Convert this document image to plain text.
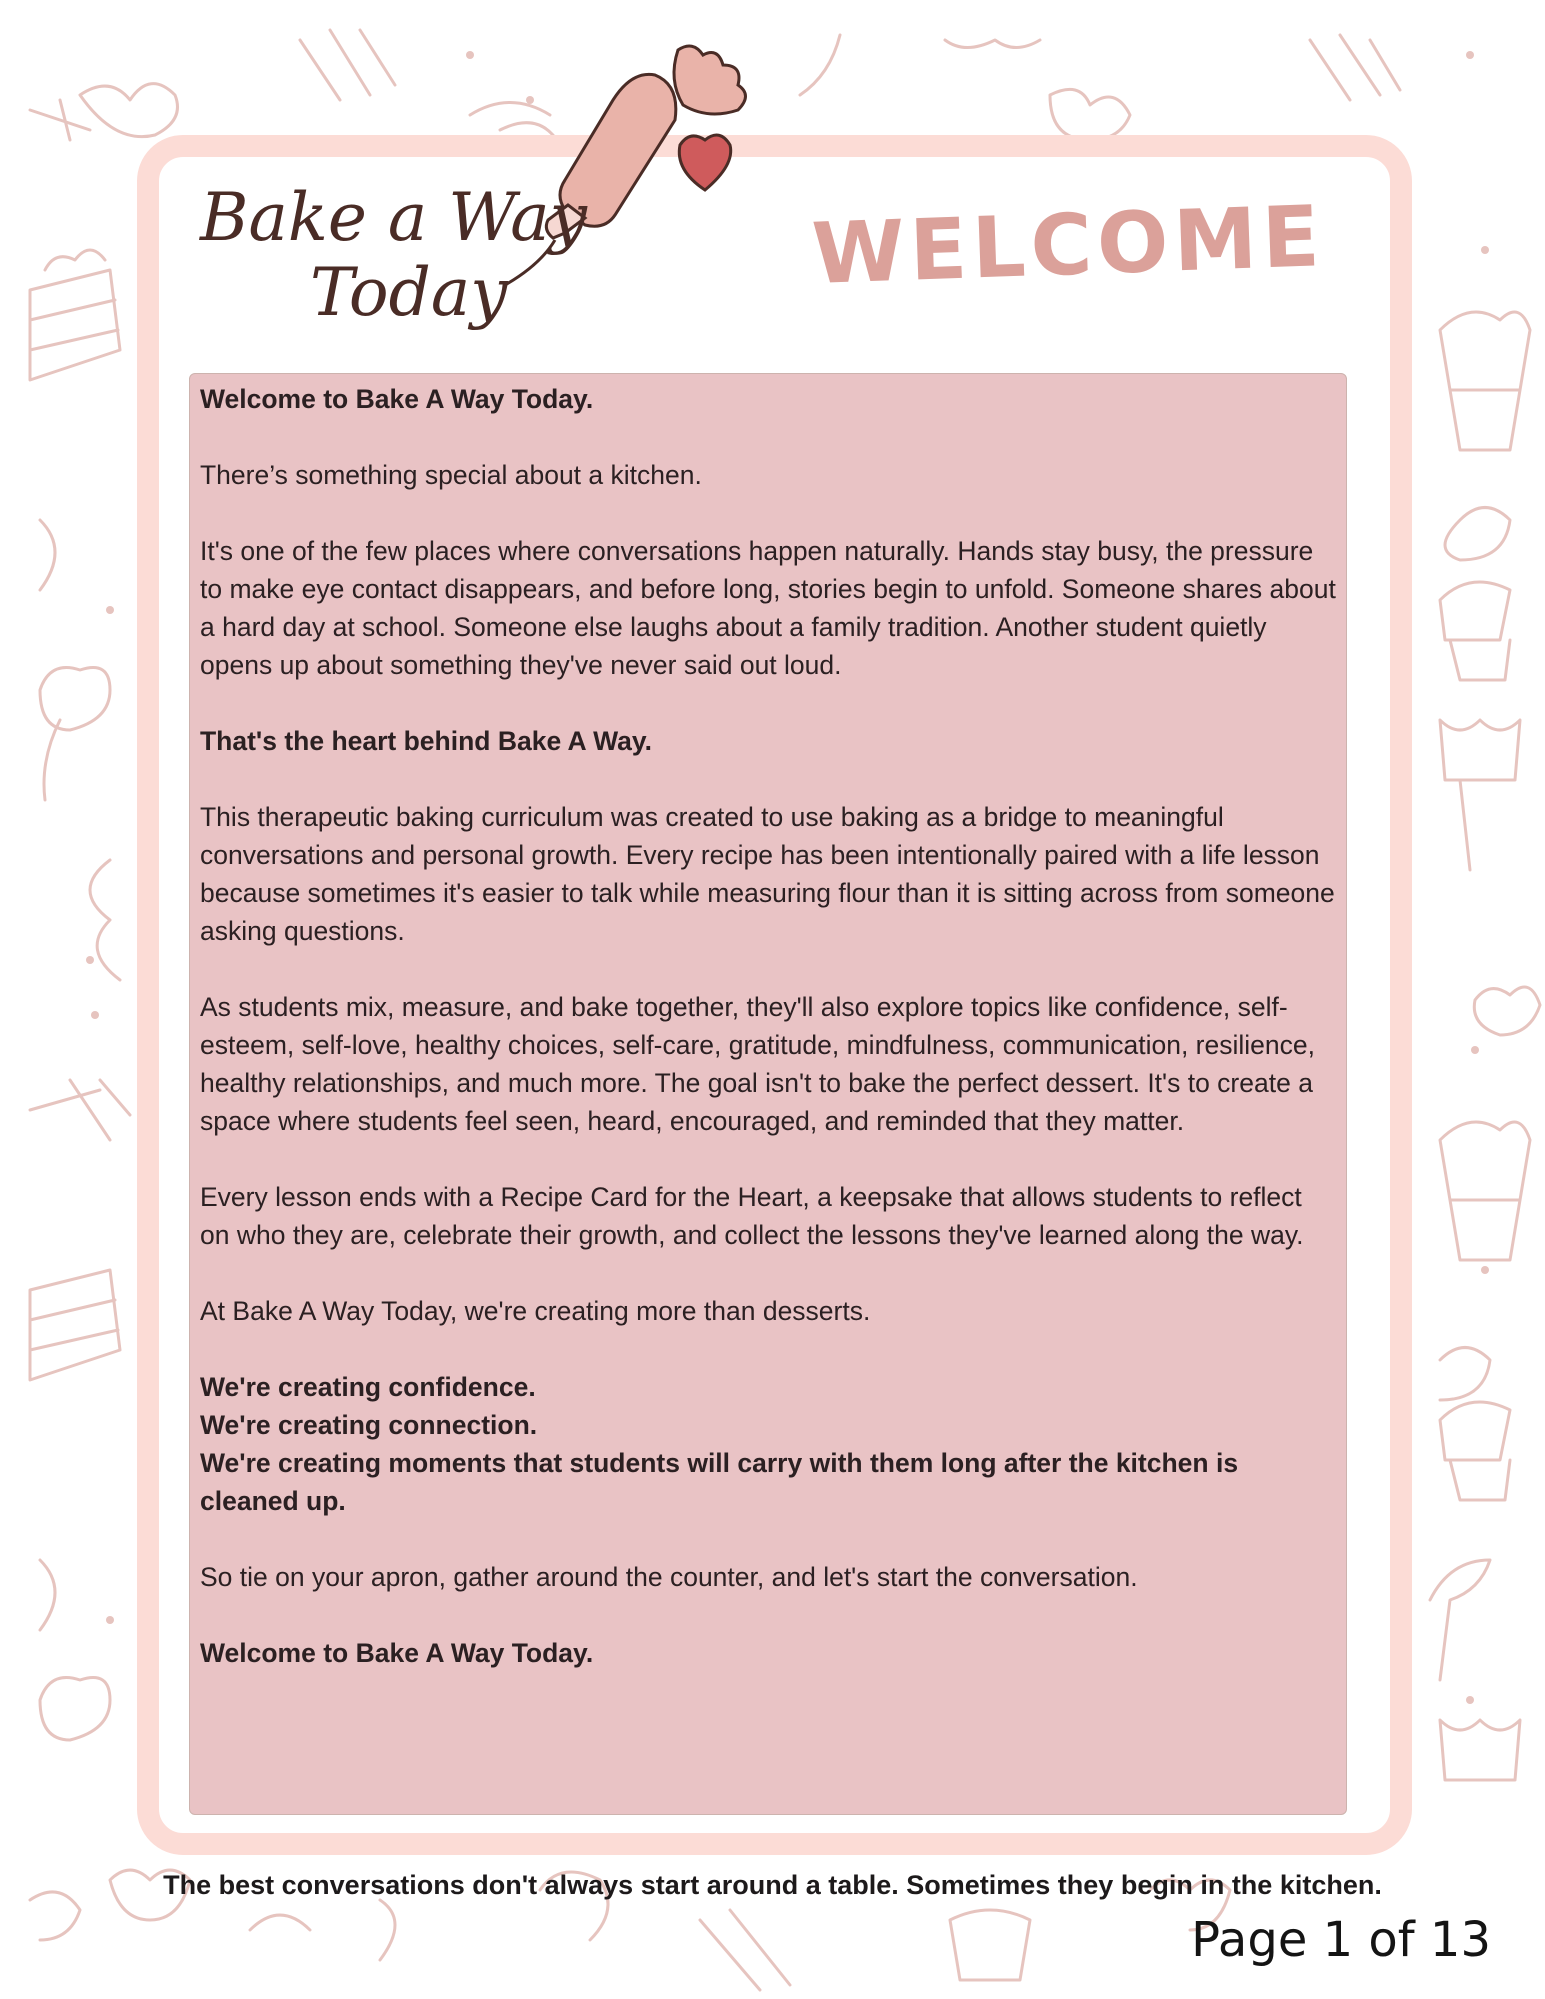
Bake a Way
Today	WELCOME

Welcome to Bake A Way Today.

There’s something special about a kitchen.

It's one of the few places where conversations happen naturally. Hands stay busy, the pressure to make eye contact disappears, and before long, stories begin to unfold. Someone shares about a hard day at school. Someone else laughs about a family tradition. Another student quietly opens up about something they've never said out loud.

That's the heart behind Bake A Way.

This therapeutic baking curriculum was created to use baking as a bridge to meaningful conversations and personal growth. Every recipe has been intentionally paired with a life lesson because sometimes it's easier to talk while measuring flour than it is sitting across from someone asking questions.

As students mix, measure, and bake together, they'll also explore topics like confidence, self-esteem, self-love, healthy choices, self-care, gratitude, mindfulness, communication, resilience, healthy relationships, and much more. The goal isn't to bake the perfect dessert. It's to create a space where students feel seen, heard, encouraged, and reminded that they matter.

Every lesson ends with a Recipe Card for the Heart, a keepsake that allows students to reflect on who they are, celebrate their growth, and collect the lessons they've learned along the way.

At Bake A Way Today, we're creating more than desserts.

We're creating confidence.
We're creating connection.
We're creating moments that students will carry with them long after the kitchen is cleaned up.

So tie on your apron, gather around the counter, and let's start the conversation.

Welcome to Bake A Way Today.

The best conversations don't always start around a table. Sometimes they begin in the kitchen.
Page 1 of 13
